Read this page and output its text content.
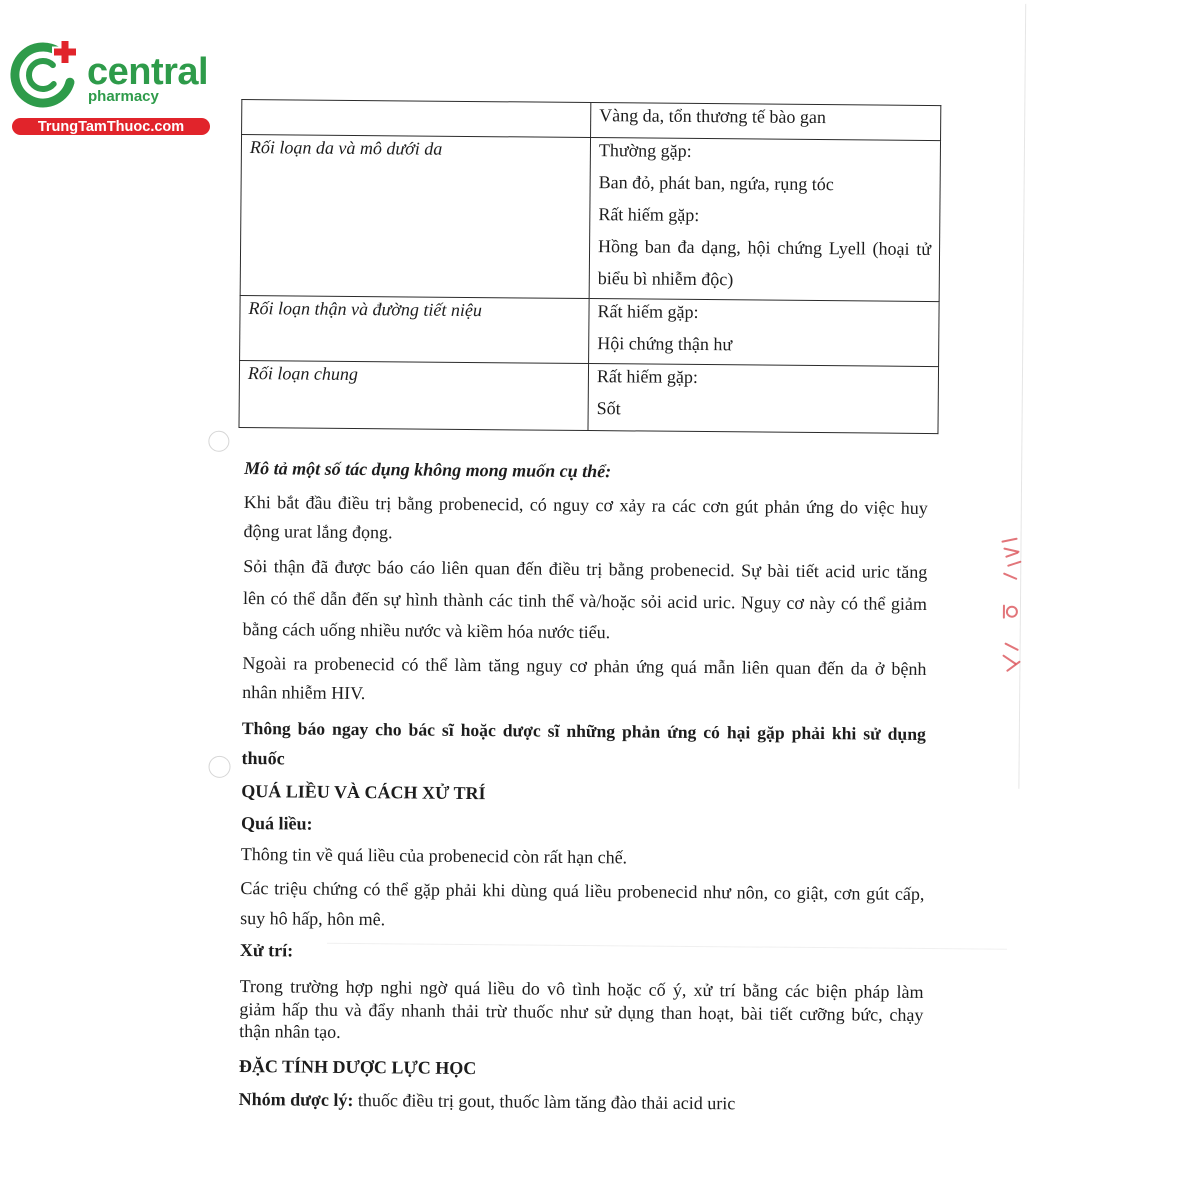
central
pharmacy
TrungTamThuoc.com

	Vàng da, tổn thương tế bào gan

Rối loạn da và mô dưới da	Thường gặp:
Ban đỏ, phát ban, ngứa, rụng tóc
Rất hiếm gặp:
Hồng ban đa dạng, hội chứng Lyell (hoại tử
biểu bì nhiễm độc)

Rối loạn thận và đường tiết niệu	Rất hiếm gặp:
Hội chứng thận hư

Rối loạn chung	Rất hiếm gặp:
Sốt
Mô tả một số tác dụng không mong muốn cụ thể:
Khi bắt đầu điều trị bằng probenecid, có nguy cơ xảy ra các cơn gút phản ứng do việc huy
động urat lắng đọng.
Sỏi thận đã được báo cáo liên quan đến điều trị bằng probenecid. Sự bài tiết acid uric tăng
lên có thể dẫn đến sự hình thành các tinh thể và/hoặc sỏi acid uric. Nguy cơ này có thể giảm
bằng cách uống nhiều nước và kiềm hóa nước tiểu.
Ngoài ra probenecid có thể làm tăng nguy cơ phản ứng quá mẫn liên quan đến da ở bệnh
nhân nhiễm HIV.
Thông báo ngay cho bác sĩ hoặc dược sĩ những phản ứng có hại gặp phải khi sử dụng
thuốc
QUÁ LIỀU VÀ CÁCH XỬ TRÍ
Quá liều:
Thông tin về quá liều của probenecid còn rất hạn chế.
Các triệu chứng có thể gặp phải khi dùng quá liều probenecid như nôn, co giật, cơn gút cấp,
suy hô hấp, hôn mê.
Xử trí:
Trong trường hợp nghi ngờ quá liều do vô tình hoặc cố ý, xử trí bằng các biện pháp làm
giảm hấp thu và đẩy nhanh thải trừ thuốc như sử dụng than hoạt, bài tiết cưỡng bức, chạy
thận nhân tạo.
ĐẶC TÍNH DƯỢC LỰC HỌC
Nhóm dược lý: thuốc điều trị gout, thuốc làm tăng đào thải acid uric
